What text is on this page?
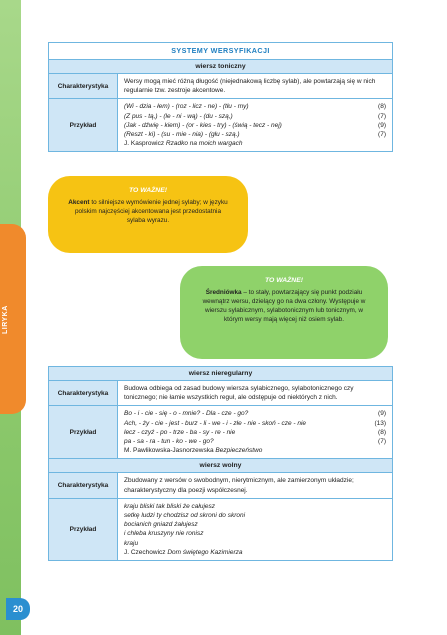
LIRYKA
20
SYSTEMY WERSYFIKACJI
wiersz toniczny
Charakterystyka
Wersy mogą mieć różną długość (niejednakową liczbę sylab), ale powtarzają się w nich regularnie tzw. zestroje akcentowe.
Przykład
(Wi - dzia - łem) - (roz - licz - ne) - (tłu - my)	(8)
(Z pus - tą,) - (le - ni - wą) - (du - szą,)	(7)
(Jak - dźwię - kiem) - (or - kies - try) - (świą - tecz - nej)	(9)
(Reszt - ki) - (su - mie - nia) - (głu - szą.)	(7)
J. Kasprowicz Rzadko na moich wargach
TO WAŻNE!
Akcent to silniejsze wymówienie jednej sylaby; w języku polskim najczęściej akcentowana jest przedostatnia sylaba wyrazu.
TO WAŻNE!
Średniówka – to stały, powtarzający się punkt podziału wewnątrz wersu, dzielący go na dwa człony. Występuje w wierszu sylabicznym, sylabotonicznym lub tonicznym, w którym wersy mają więcej niż osiem sylab.
wiersz nieregularny
Charakterystyka
Budowa odbiega od zasad budowy wiersza sylabicznego, sylabotonicznego czy tonicznego; nie łamie wszystkich reguł, ale odstępuje od niektórych z nich.
Przykład
Bo - i - cie - się - o - mnie? - Dla - cze - go?	(9)
Ach, - ży - cie - jest - burz - li - we - i - złe - nie - skoń - cze - nie	(13)
lecz - czyż - po - trze - ba - sy - re - nie	(8)
pa - sa - ra - tun - ko - we - go?	(7)
M. Pawlikowska-Jasnorzewska Bezpieczeństwo
wiersz wolny
Charakterystyka
Zbudowany z wersów o swobodnym, nierytmicznym, ale zamierzonym układzie; charakterystyczny dla poezji współczesnej.
Przykład
kraju bliski tak bliski że całujesz
setkę ludzi ty chodzisz od skroni do skroni
bocianich gniazd żałujesz
i chleba kruszyny nie ronisz
kraju
J. Czechowicz Dom świętego Kazimierza
